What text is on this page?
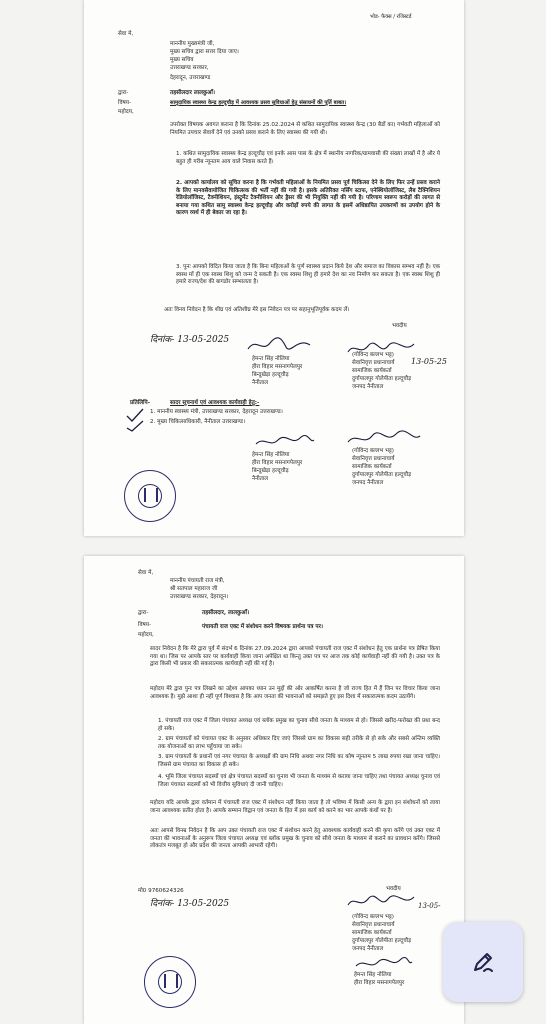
भोड- फैक्स / रजिस्टर्ड
सेवा मे,
माननीय मुख्यमंत्री जी,
मुख्य सचिव द्वारा सत्तर दिया जाए।
मुख्य सचिव
उत्तराखण्ड सरकार,
देहरादून, उत्तराखण्ड
द्वारा-	तहसीलदार लालकुआँ।
विषय-	सामुदायिक स्वास्थ्य केन्द्र हल्दूचौड़ में आवश्यक प्रसव सुविधाओं हेतु संसाधनों की पूर्ति बाबत।
महोदय,
उपरोक्त विषयक अवगत कराना है कि दिनांक 25.02.2024 से कथित सामुदायिक स्वास्थ्य केन्द्र (30 बैडों का) गर्भवती महिलाओं को नियमित उपचार सेवायें देने एवं उनको प्रसव कराने के लिए स्वास्थ्य की गयी थी।
1. कथित सामुदायिक स्वास्थ्य केन्द्र हल्दूचौड़ एवं इनके आस पास के क्षेत्र में स्थानीय नागरिक/ग्रामवासी की संख्या लाखों में है और ये बहुत ही गरीब न्यूनतम आय वाले निवास करते हैं।
2. आपको कार्यालय को सूचित करना है कि गर्भवती महिलाओं के नियमित प्रसव पूर्व चिकित्सा देने के लिए फिर उन्हें प्रसव कराने के लिए मानवसैवायोजित चिकित्सक की भर्ती नहीं की गयी है। इसके अतिरिक्त नर्सिंग स्टाफ, एनेस्थियोलॉजिस्ट, लैब टैक्निशियन रेडियोलॉजिस्ट, टैक्नीशियन, इंस्ट्रूमेंट टैक्नीशियन और ड्रैसर की भी नियुक्ति नहीं की गयी है। परिणाम स्वरूप करोड़ों की लागत से बनाया गया कथित सामु स्वास्थ्य केन्द्र हल्दूचौड़ और करोड़ों रुपये की लागत के इसमें अधिष्ठापित उपकरणों का उपयोग होने के कारण व्यर्थ में ही बेकार जा रहा है।
3. पुनः आपको विदित किया जाता है कि बिना महिलाओं के पूर्ण स्वास्थ्य प्रदान किये देश और समाज का विकास सम्भव नहीं है। एक स्वस्थ माँ ही एक स्वस्थ शिशु को जन्म दे सकती है। एक स्वस्थ शिशु ही हमारे देश का नव निर्माण कर सकता है। एक स्वस्थ शिशु ही हमारे राज्य/देश की बागडोर सम्भालता है।
अतः विनय निवेदन है कि शीघ्र एवं अतिशीघ्र मेरे इस निवेदन पत्र पर सहानुभूतिपूर्वक कदम लें।
भवदीय
दिनांक- 13-05-2025
हेमन्त सिंह नोलिया
हीरा विहार मसनागपेलपुर
बिन्दुखेड़ा हल्दूचौड़
नैनीताल
13-05-25
(गोविन्द बल्लभ भट्ट)
सेवानिवृत्त प्रधानाचार्य
सामाजिक कार्यकर्ता
दुर्गापालपुर गोलेपीता हल्दूचौड़
जनपद नैनीताल
प्रतिलिपि-	सादर सूचनार्थ एवं आवश्यक कार्यवाही हेतु:-
1. माननीय स्वास्थ्य मंत्री, उत्तराखण्ड सरकार, देहरादून उत्तराखण्ड।
2. मुख्य चिकित्साधिकारी, नैनीताल उत्तराखण्ड।
हेमन्त सिंह नोलिया
हीरा विहार मसनागपेलपुर
बिन्दुखेड़ा हल्दूचौड़
नैनीताल
(गोविन्द बल्लभ भट्ट)
सेवानिवृत्त प्रधानाचार्य
सामाजिक कार्यकर्ता
दुर्गापालपुर गोलेपीता हल्दूचौड़
जनपद नैनीताल
सेवा मे,
माननीय पंचायती राज मंत्री,
श्री सतपाल महाराज जी
उत्तराखण्ड सरकार, देहरादून।
द्वारा-	तहसीलदार, लालकुआँ।
विषय-	पंचायती राज एक्ट में संशोधन करने विषयक प्रार्थना पत्र पर।
महोदय,
सादर निवेदन है कि मेरे द्वारा पूर्व में संदर्भ 6 दिनांक 27.09.2024 द्वारा आपको पंचायती राज एक्ट में संशोधन हेतु एक प्रार्थना पत्र प्रेषित किया गया था। जिस पर आपके स्तर पर कार्यवाही किया जाना अपेक्षित था किन्तु उक्त पत्र पर आज तक कोई कार्यवाही नहीं की गयी है। उक्त पत्र के द्वारा किसी भी प्रकार की सकारात्मक कार्यवाही नहीं की गई है।
महोदय मेरे द्वारा पुनः पत्र लिखने का उद्देश्य आपका ध्यान उन मुद्दों की ओर आकर्षित करना है जो राज्य हित में हैं जिन पर विचार किया जाना आवश्यक है। मुझे आशा ही नहीं पूर्ण विश्वास है कि आप जनता की भावनाओं को समझते हुए इस दिशा में सकारात्मक कदम उठायेंगे।
1. पंचायती राज एक्ट में जिला पंचायत अध्यक्ष एवं ब्लॉक प्रमुख का चुनाव सीधे जनता के माध्यम से हो। जिससे खरीद-फरोख्त की प्रथा बन्द हो सके।
2. ग्राम पंचायतों को पंचायत एक्ट के अनुसार अधिकार दिए जाएं जिससे ग्राम का विकास सही तरीके से हो सके और सबसे अन्तिम व्यक्ति तक योजनाओं का लाभ पहुँचाया जा सके।
3. ग्राम पंचायतों के प्रधानों एवं नगर पंचायत के अध्यक्षों की ग्राम निधि अथवा नगर निधि का कोष न्यूनतम 5 लाख रुपया रखा जाना चाहिए। जिससे ग्राम पंचायत का विकास हो सके।
4. भूमि जिला पंचायत सदस्यों एवं क्षेत्र पंचायत सदस्यों का चुनाव भी जनता के माध्यम से कराया जाना चाहिए तथा पंचायत अध्यक्ष चुनाव एवं जिला पंचायत सदस्यों को भी वित्तीय सुविधाएं दी जानी चाहिए।
महोदय यदि आपके द्वारा वर्तमान में पंचायती राज एक्ट में संशोधन नहीं किया जाता है तो भविष्य में किसी अन्य के द्वारा इन संशोधनों को लाया जाना आवश्यक प्रतीत होता है। आपके सम्मान विद्वान एवं जनता के हित में इस कार्य को करने का भार आपके कंधों पर है।
अतः आपसे विनम्र निवेदन है कि आप उक्त पंचायती राज एक्ट में संशोधन करने हेतु आवश्यक कार्यवाही करने की कृपा करेंगे एवं उक्त एक्ट में जनता की भावनाओं के अनुरूप जिला पंचायत अध्यक्ष एवं ब्लॉक प्रमुख के चुनाव को सीधे जनता के माध्यम से कराने का प्रावधान करेंगे। जिससे लोकतंत्र मजबूत हो और प्रदेश की जनता आपकी आभारी रहेगी।
मो0 9760624326	भवदीय
दिनांक- 13-05-2025	13-05-
(गोविन्द बल्लभ भट्ट)
सेवानिवृत्त प्रधानाचार्य
सामाजिक कार्यकर्ता
दुर्गापालपुर गोलेपीता हल्दूचौड़
जनपद नैनीताल
हेमन्त सिंह नोलिया
हीरा विहार मसनागपेलपुर
